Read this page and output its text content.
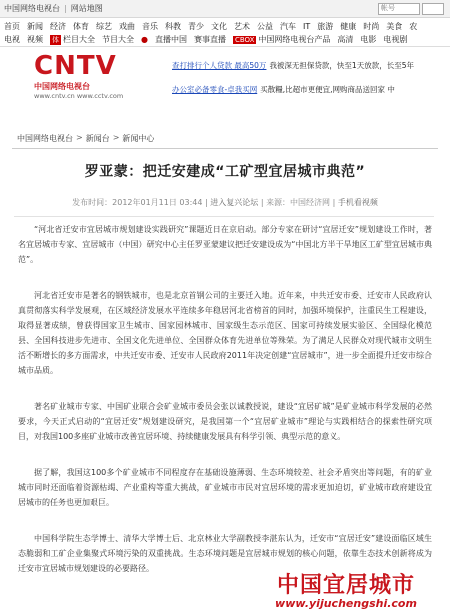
中国网络电视台 | 网站地图
帐号
首页 新闻 经济 体育 综艺 戏曲 音乐 科教 青少 文化 艺术 公益 汽车 IT 旅游 健康 时尚 美食 农
电视 视频 体 栏目大全 节目大全 ● 直播中国 赛事直播 CBOX 中国网络电视台产品 高清 电影 电视剧
CNTV
中国网络电视台
www.cntv.cn www.cctv.com
查打排行个人贷款 最高50万 我被深无担保贷款，快至1天放款，长至5年
办公室必备零食-卓我买网 买散糧,比超市更便宜,网购商品送回家 中
中国网络电视台 > 新闻台 > 新闻中心
罗亚蒙：把迁安建成“工矿型宜居城市典范”
发布时间：2012年01月11日 03:44 | 进入复兴论坛 | 来源：中国经济网 | 手机看视频

“河北省迁安市宜居城市规划建设实践研究”课题近日在京启动。部分专家在研讨“宜居迁安”规划建设工作时，著名宜居城市专家、宜居城市（中国）研究中心主任罗亚蒙建议把迁安建设成为“中国北方半干旱地区工矿型宜居城市典范”。

河北省迁安市是著名的钢铁城市，也是北京首钢公司的主要迁入地。近年来，中共迁安市委、迁安市人民政府认真贯彻落实科学发展观，在区域经济发展水平连续多年稳居河北省榜首的同时，加强环境保护，注重民生工程建设，取得显著成绩，曾获得国家卫生城市、国家园林城市、国家级生态示范区、国家可持续发展实验区、全国绿化模范县、全国科技进步先进市、全国文化先进单位、全国群众体育先进单位等殊荣。为了满足人民群众对现代城市文明生活不断增长的多方面需求，中共迁安市委、迁安市人民政府2011年决定创建“宜居城市”，进一步全面提升迁安市综合城市品质。

著名矿业城市专家、中国矿业联合会矿业城市委员会张以诚教授说，建设“宜居矿城”是矿业城市科学发展的必然要求，今天正式启动的“宜居迁安”规划建设研究，是我国第一个“宜居矿业城市”理论与实践相结合的探索性研究项目，对我国100多座矿业城市改善宜居环境、持续健康发展具有科学引领、典型示范的意义。

据了解，我国这100多个矿业城市不同程度存在基础设施薄弱、生态环境较差、社会矛盾突出等问题，有的矿业城市同时还面临着资源枯竭、产业重构等重大挑战，矿业城市市民对宜居环境的需求更加迫切，矿业城市政府建设宜居城市的任务也更加艰巨。

中国科学院生态学博士、清华大学博士后、北京林业大学副教授李湛东认为，迁安市“宜居迁安”建设面临区域生态脆弱和工矿企业集聚式环境污染的双重挑战。生态环境问题是宜居城市规划的核心问题，依靠生态技术创新将成为迁安市宜居城市规划建设的必要路径。

中国宜居城市
www.yijuchengshi.com
